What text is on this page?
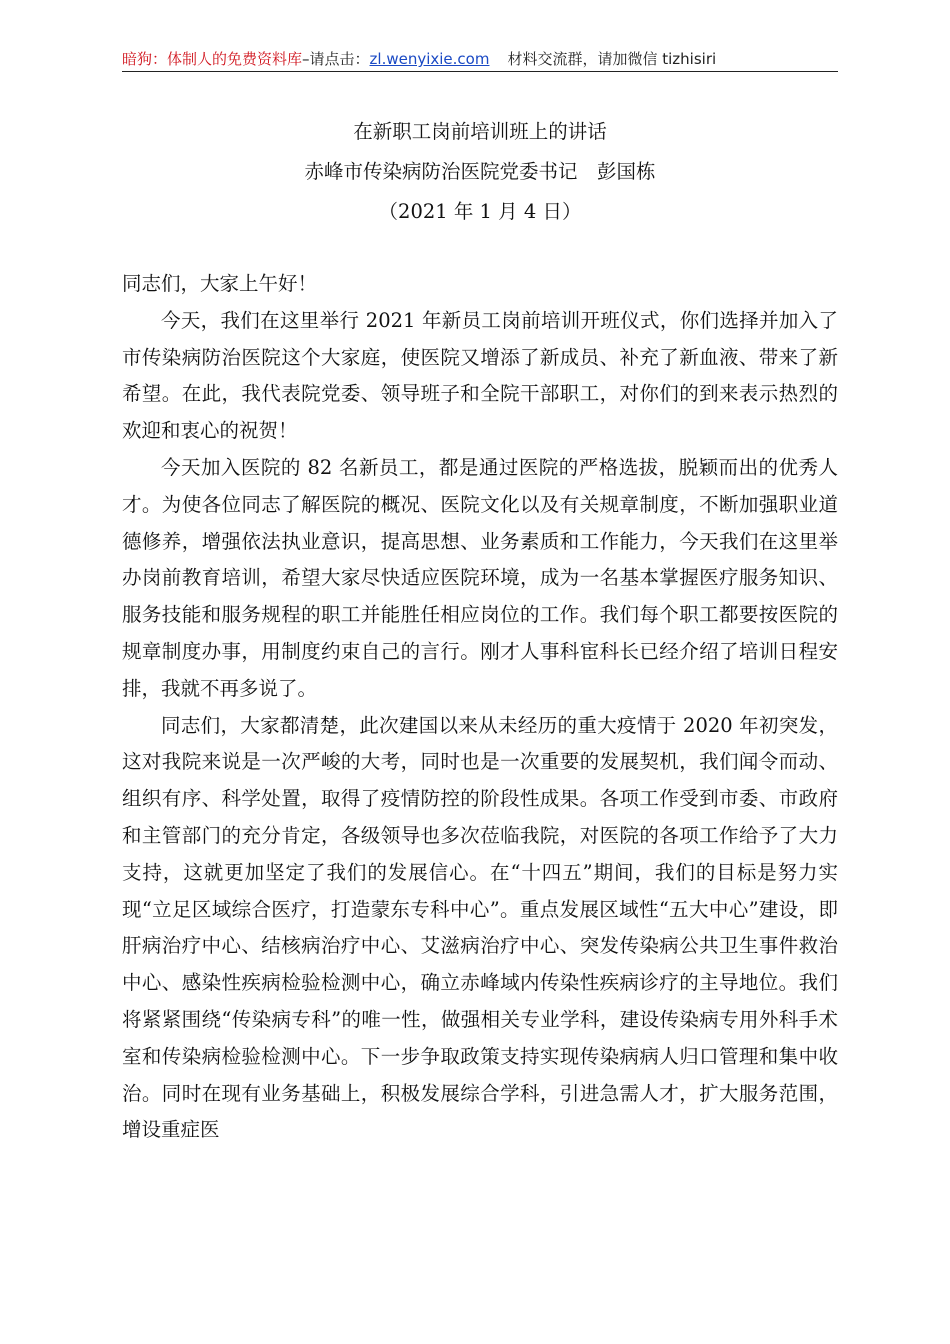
暗狗：体制人的免费资料库–请点击：zl.wenyixie.com 材料交流群，请加微信 tizhisiri
在新职工岗前培训班上的讲话
赤峰市传染病防治医院党委书记　彭国栋
（2021 年 1 月 4 日）

同志们，大家上午好！

今天，我们在这里举行 2021 年新员工岗前培训开班仪式，你们选择并加入了市传染病防治医院这个大家庭，使医院又增添了新成员、补充了新血液、带来了新希望。在此，我代表院党委、领导班子和全院干部职工，对你们的到来表示热烈的欢迎和衷心的祝贺！

今天加入医院的 82 名新员工，都是通过医院的严格选拔，脱颖而出的优秀人才。为使各位同志了解医院的概况、医院文化以及有关规章制度，不断加强职业道德修养，增强依法执业意识，提高思想、业务素质和工作能力，今天我们在这里举办岗前教育培训，希望大家尽快适应医院环境，成为一名基本掌握医疗服务知识、服务技能和服务规程的职工并能胜任相应岗位的工作。我们每个职工都要按医院的规章制度办事，用制度约束自己的言行。刚才人事科宦科长已经介绍了培训日程安排，我就不再多说了。

同志们，大家都清楚，此次建国以来从未经历的重大疫情于 2020 年初突发，这对我院来说是一次严峻的大考，同时也是一次重要的发展契机，我们闻令而动、组织有序、科学处置，取得了疫情防控的阶段性成果。各项工作受到市委、市政府和主管部门的充分肯定，各级领导也多次莅临我院，对医院的各项工作给予了大力支持，这就更加坚定了我们的发展信心。在“十四五”期间，我们的目标是努力实现“立足区域综合医疗，打造蒙东专科中心”。重点发展区域性“五大中心”建设，即肝病治疗中心、结核病治疗中心、艾滋病治疗中心、突发传染病公共卫生事件救治中心、感染性疾病检验检测中心，确立赤峰域内传染性疾病诊疗的主导地位。我们将紧紧围绕“传染病专科”的唯一性，做强相关专业学科，建设传染病专用外科手术室和传染病检验检测中心。下一步争取政策支持实现传染病病人归口管理和集中收治。同时在现有业务基础上，积极发展综合学科，引进急需人才，扩大服务范围，增设重症医
